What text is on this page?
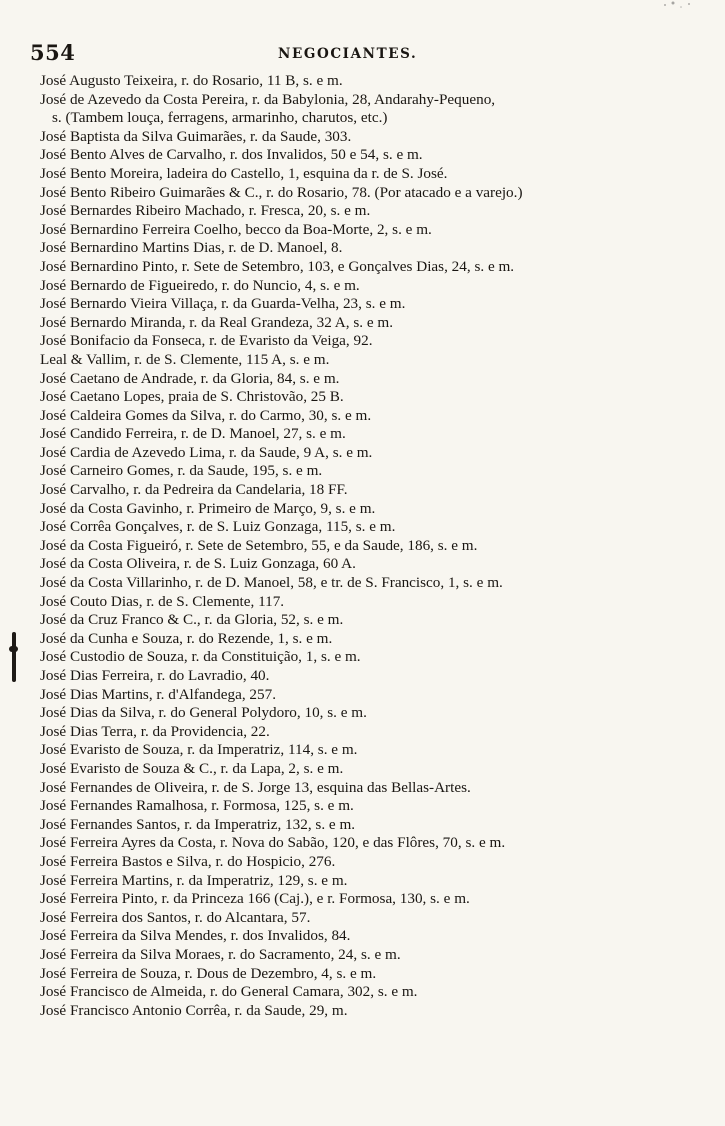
554	NEGOCIANTES.
José Augusto Teixeira, r. do Rosario, 11 B, s. e m.
José de Azevedo da Costa Pereira, r. da Babylonia, 28, Andarahy-Pequeno,
s. (Tambem louça, ferragens, armarinho, charutos, etc.)
José Baptista da Silva Guimarães, r. da Saude, 303.
José Bento Alves de Carvalho, r. dos Invalidos, 50 e 54, s. e m.
José Bento Moreira, ladeira do Castello, 1, esquina da r. de S. José.
José Bento Ribeiro Guimarães & C., r. do Rosario, 78. (Por atacado e a varejo.)
José Bernardes Ribeiro Machado, r. Fresca, 20, s. e m.
José Bernardino Ferreira Coelho, becco da Boa-Morte, 2, s. e m.
José Bernardino Martins Dias, r. de D. Manoel, 8.
José Bernardino Pinto, r. Sete de Setembro, 103, e Gonçalves Dias, 24, s. e m.
José Bernardo de Figueiredo, r. do Nuncio, 4, s. e m.
José Bernardo Vieira Villaça, r. da Guarda-Velha, 23, s. e m.
José Bernardo Miranda, r. da Real Grandeza, 32 A, s. e m.
José Bonifacio da Fonseca, r. de Evaristo da Veiga, 92.
Leal & Vallim, r. de S. Clemente, 115 A, s. e m.
José Caetano de Andrade, r. da Gloria, 84, s. e m.
José Caetano Lopes, praia de S. Christovão, 25 B.
José Caldeira Gomes da Silva, r. do Carmo, 30, s. e m.
José Candido Ferreira, r. de D. Manoel, 27, s. e m.
José Cardia de Azevedo Lima, r. da Saude, 9 A, s. e m.
José Carneiro Gomes, r. da Saude, 195, s. e m.
José Carvalho, r. da Pedreira da Candelaria, 18 FF.
José da Costa Gavinho, r. Primeiro de Março, 9, s. e m.
José Corrêa Gonçalves, r. de S. Luiz Gonzaga, 115, s. e m.
José da Costa Figueiró, r. Sete de Setembro, 55, e da Saude, 186, s. e m.
José da Costa Oliveira, r. de S. Luiz Gonzaga, 60 A.
José da Costa Villarinho, r. de D. Manoel, 58, e tr. de S. Francisco, 1, s. e m.
José Couto Dias, r. de S. Clemente, 117.
José da Cruz Franco & C., r. da Gloria, 52, s. e m.
José da Cunha e Souza, r. do Rezende, 1, s. e m.
José Custodio de Souza, r. da Constituição, 1, s. e m.
José Dias Ferreira, r. do Lavradio, 40.
José Dias Martins, r. d'Alfandega, 257.
José Dias da Silva, r. do General Polydoro, 10, s. e m.
José Dias Terra, r. da Providencia, 22.
José Evaristo de Souza, r. da Imperatriz, 114, s. e m.
José Evaristo de Souza & C., r. da Lapa, 2, s. e m.
José Fernandes de Oliveira, r. de S. Jorge 13, esquina das Bellas-Artes.
José Fernandes Ramalhosa, r. Formosa, 125, s. e m.
José Fernandes Santos, r. da Imperatriz, 132, s. e m.
José Ferreira Ayres da Costa, r. Nova do Sabão, 120, e das Flôres, 70, s. e m.
José Ferreira Bastos e Silva, r. do Hospicio, 276.
José Ferreira Martins, r. da Imperatriz, 129, s. e m.
José Ferreira Pinto, r. da Princeza 166 (Caj.), e r. Formosa, 130, s. e m.
José Ferreira dos Santos, r. do Alcantara, 57.
José Ferreira da Silva Mendes, r. dos Invalidos, 84.
José Ferreira da Silva Moraes, r. do Sacramento, 24, s. e m.
José Ferreira de Souza, r. Dous de Dezembro, 4, s. e m.
José Francisco de Almeida, r. do General Camara, 302, s. e m.
José Francisco Antonio Corrêa, r. da Saude, 29, m.
